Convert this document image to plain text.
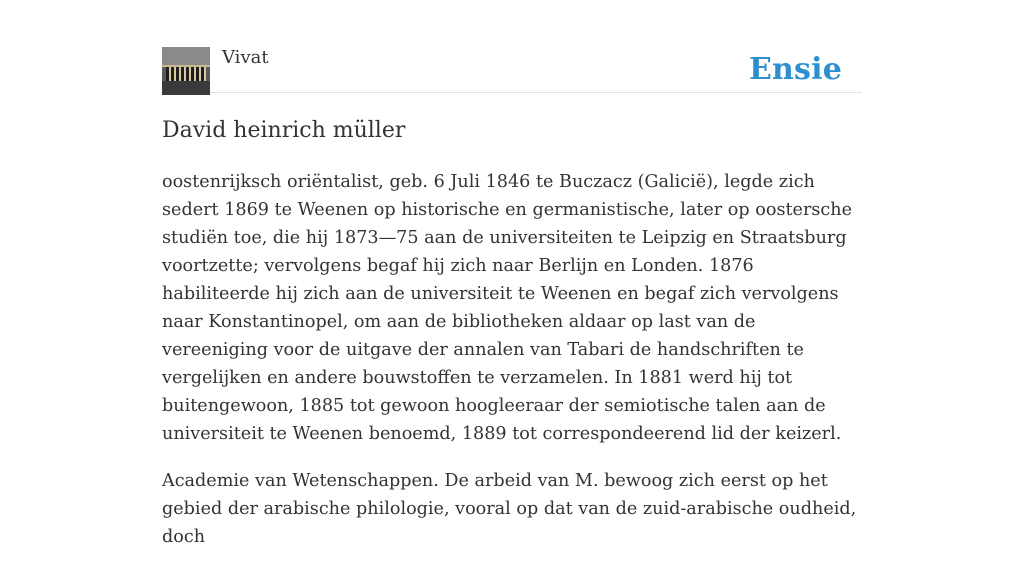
Vivat	Ensie
David heinrich müller

oostenrijksch oriëntalist, geb. 6 Juli 1846 te Buczacz (Galicië), legde zich sedert 1869 te Weenen op historische en germanistische, later op oostersche studiën toe, die hij 1873—75 aan de universiteiten te Leipzig en Straatsburg voortzette; vervolgens begaf hij zich naar Berlijn en Londen. 1876 habiliteerde hij zich aan de universiteit te Weenen en begaf zich vervolgens naar Konstantinopel, om aan de bibliotheken aldaar op last van de vereeniging voor de uitgave der annalen van Tabari de handschriften te vergelijken en andere bouwstoffen te verzamelen. In 1881 werd hij tot buitengewoon, 1885 tot gewoon hoogleeraar der semiotische talen aan de universiteit te Weenen benoemd, 1889 tot correspondeerend lid der keizerl.

Academie van Wetenschappen. De arbeid van M. bewoog zich eerst op het gebied der arabische philologie, vooral op dat van de zuid-arabische oudheid, doch
